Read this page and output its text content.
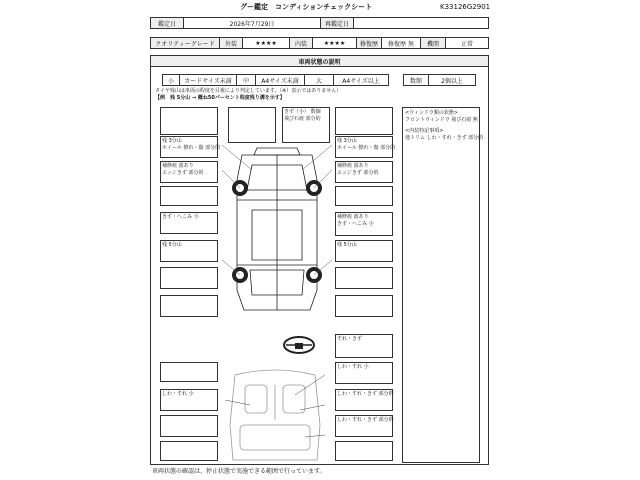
グー鑑定　コンディションチェックシート	K33126G2901
鑑定日	2026年7月29日	再鑑定日
クオリティーグレード 外装	★★★★	内装	★★★★ 修復歴 修復歴 無 機関	正常
車両状態の説明
小 カードサイズ未満 中 A4サイズ未満	大	A4サイズ以上	数額	2個以上
タイヤ残山は車両の程度を目視により判定しています。（※）表示ではありません）
【例　残 5分山 → 概ね50パーセント程度残り溝を示す】
<ウィンドウ類の状態>
フロントウィンドウ 飛び石痕 無
<内装特記事項>
他トリム しわ・すれ・きず 部分的
きず（小） 数個
飛び石痕 部分的
残 3分山
ホイール 擦れ・傷 部分的
残 3分山
ホイール 擦れ・傷 部分的
補修痕 波あり
エッジきず 部分的
補修痕 波あり
エッジきず 部分的
きず・へこみ 小	補修痕 波あり
きず・へこみ 小
残 5分山	残 5分山
すれ・きず
しわ・すれ 小
しわ・すれ 小	しわ・すれ・きず 部分的
しわ・すれ・きず 部分的
車両状態の確認は、停止状態で実施できる範囲で行っています。
